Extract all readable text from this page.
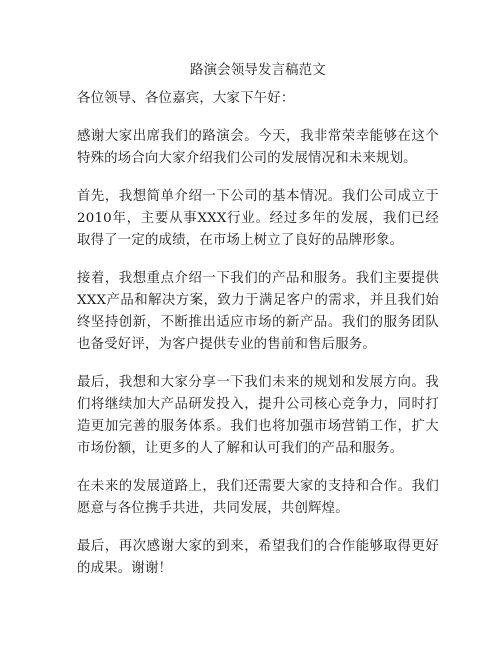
路演会领导发言稿范文

各位领导、各位嘉宾，大家下午好：

感谢大家出席我们的路演会。今天，我非常荣幸能够在这个特殊的场合向大家介绍我们公司的发展情况和未来规划。

首先，我想简单介绍一下公司的基本情况。我们公司成立于2010年，主要从事XXX行业。经过多年的发展，我们已经取得了一定的成绩，在市场上树立了良好的品牌形象。

接着，我想重点介绍一下我们的产品和服务。我们主要提供XXX产品和解决方案，致力于满足客户的需求，并且我们始终坚持创新，不断推出适应市场的新产品。我们的服务团队也备受好评，为客户提供专业的售前和售后服务。

最后，我想和大家分享一下我们未来的规划和发展方向。我们将继续加大产品研发投入，提升公司核心竞争力，同时打造更加完善的服务体系。我们也将加强市场营销工作，扩大市场份额，让更多的人了解和认可我们的产品和服务。

在未来的发展道路上，我们还需要大家的支持和合作。我们愿意与各位携手共进，共同发展，共创辉煌。

最后，再次感谢大家的到来，希望我们的合作能够取得更好的成果。谢谢！
